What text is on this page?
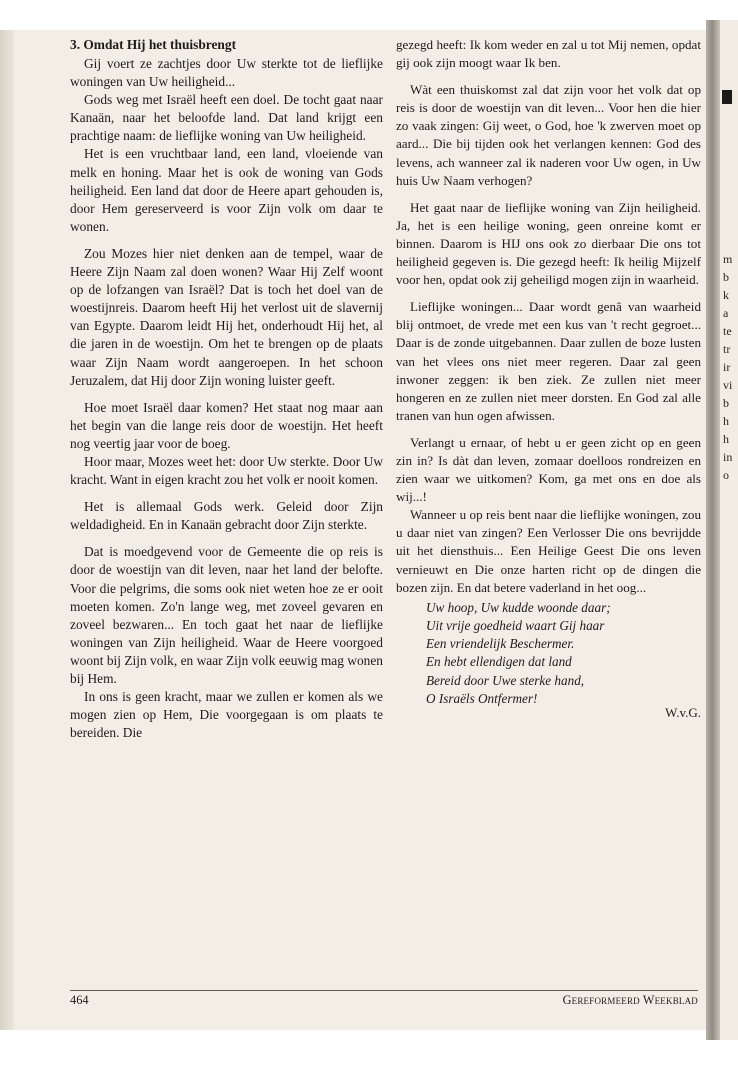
3. Omdat Hij het thuisbrengt

Gij voert ze zachtjes door Uw sterkte tot de lieflijke woningen van Uw heiligheid...

Gods weg met Israël heeft een doel. De tocht gaat naar Kanaän, naar het beloofde land. Dat land krijgt een prachtige naam: de lieflijke woning van Uw heiligheid.

Het is een vruchtbaar land, een land, vloeiende van melk en honing. Maar het is ook de woning van Gods heiligheid. Een land dat door de Heere apart gehouden is, door Hem gereserveerd is voor Zijn volk om daar te wonen.

Zou Mozes hier niet denken aan de tempel, waar de Heere Zijn Naam zal doen wonen? Waar Hij Zelf woont op de lofzangen van Israël? Dat is toch het doel van de woestijnreis. Daarom heeft Hij het verlost uit de slavernij van Egypte. Daarom leidt Hij het, onderhoudt Hij het, al die jaren in de woestijn. Om het te brengen op de plaats waar Zijn Naam wordt aangeroepen. In het schoon Jeruzalem, dat Hij door Zijn woning luister geeft.

Hoe moet Israël daar komen? Het staat nog maar aan het begin van die lange reis door de woestijn. Het heeft nog veertig jaar voor de boeg.

Hoor maar, Mozes weet het: door Uw sterkte. Door Uw kracht. Want in eigen kracht zou het volk er nooit komen.

Het is allemaal Gods werk. Geleid door Zijn weldadigheid. En in Kanaän gebracht door Zijn sterkte.

Dat is moedgevend voor de Gemeente die op reis is door de woestijn van dit leven, naar het land der belofte. Voor die pelgrims, die soms ook niet weten hoe ze er ooit moeten komen. Zo'n lange weg, met zoveel gevaren en zoveel bezwaren... En toch gaat het naar de lieflijke woningen van Zijn heiligheid. Waar de Heere voorgoed woont bij Zijn volk, en waar Zijn volk eeuwig mag wonen bij Hem.

In ons is geen kracht, maar we zullen er komen als we mogen zien op Hem, Die voorgegaan is om plaats te bereiden. Die

gezegd heeft: Ik kom weder en zal u tot Mij nemen, opdat gij ook zijn moogt waar Ik ben.

Wàt een thuiskomst zal dat zijn voor het volk dat op reis is door de woestijn van dit leven... Voor hen die hier zo vaak zingen: Gij weet, o God, hoe 'k zwerven moet op aard... Die bij tijden ook het verlangen kennen: God des levens, ach wanneer zal ik naderen voor Uw ogen, in Uw huis Uw Naam verhogen?

Het gaat naar de lieflijke woning van Zijn heiligheid. Ja, het is een heilige woning, geen onreine komt er binnen. Daarom is HIJ ons ook zo dierbaar Die ons tot heiligheid gegeven is. Die gezegd heeft: Ik heilig Mijzelf voor hen, opdat ook zij geheiligd mogen zijn in waarheid.

Lieflijke woningen... Daar wordt genâ van waarheid blij ontmoet, de vrede met een kus van 't recht gegroet... Daar is de zonde uitgebannen. Daar zullen de boze lusten van het vlees ons niet meer regeren. Daar zal geen inwoner zeggen: ik ben ziek. Ze zullen niet meer hongeren en ze zullen niet meer dorsten. En God zal alle tranen van hun ogen afwissen.

Verlangt u ernaar, of hebt u er geen zicht op en geen zin in? Is dàt dan leven, zomaar doelloos rondreizen en zien waar we uitkomen? Kom, ga met ons en doe als wij...!

Wanneer u op reis bent naar die lieflijke woningen, zou u daar niet van zingen? Een Verlosser Die ons bevrijdde uit het diensthuis... Een Heilige Geest Die ons leven vernieuwt en Die onze harten richt op de dingen die bozen zijn. En dat betere vaderland in het oog...

Uw hoop, Uw kudde woonde daar;
Uit vrije goedheid waart Gij haar
Een vriendelijk Beschermer.
En hebt ellendigen dat land
Bereid door Uwe sterke hand,
O Israëls Ontfermer!
W.v.G.
464	Gereformeerd Weekblad
m
b
k
a
te
tr
ir
vi
b
h
h
in
o
